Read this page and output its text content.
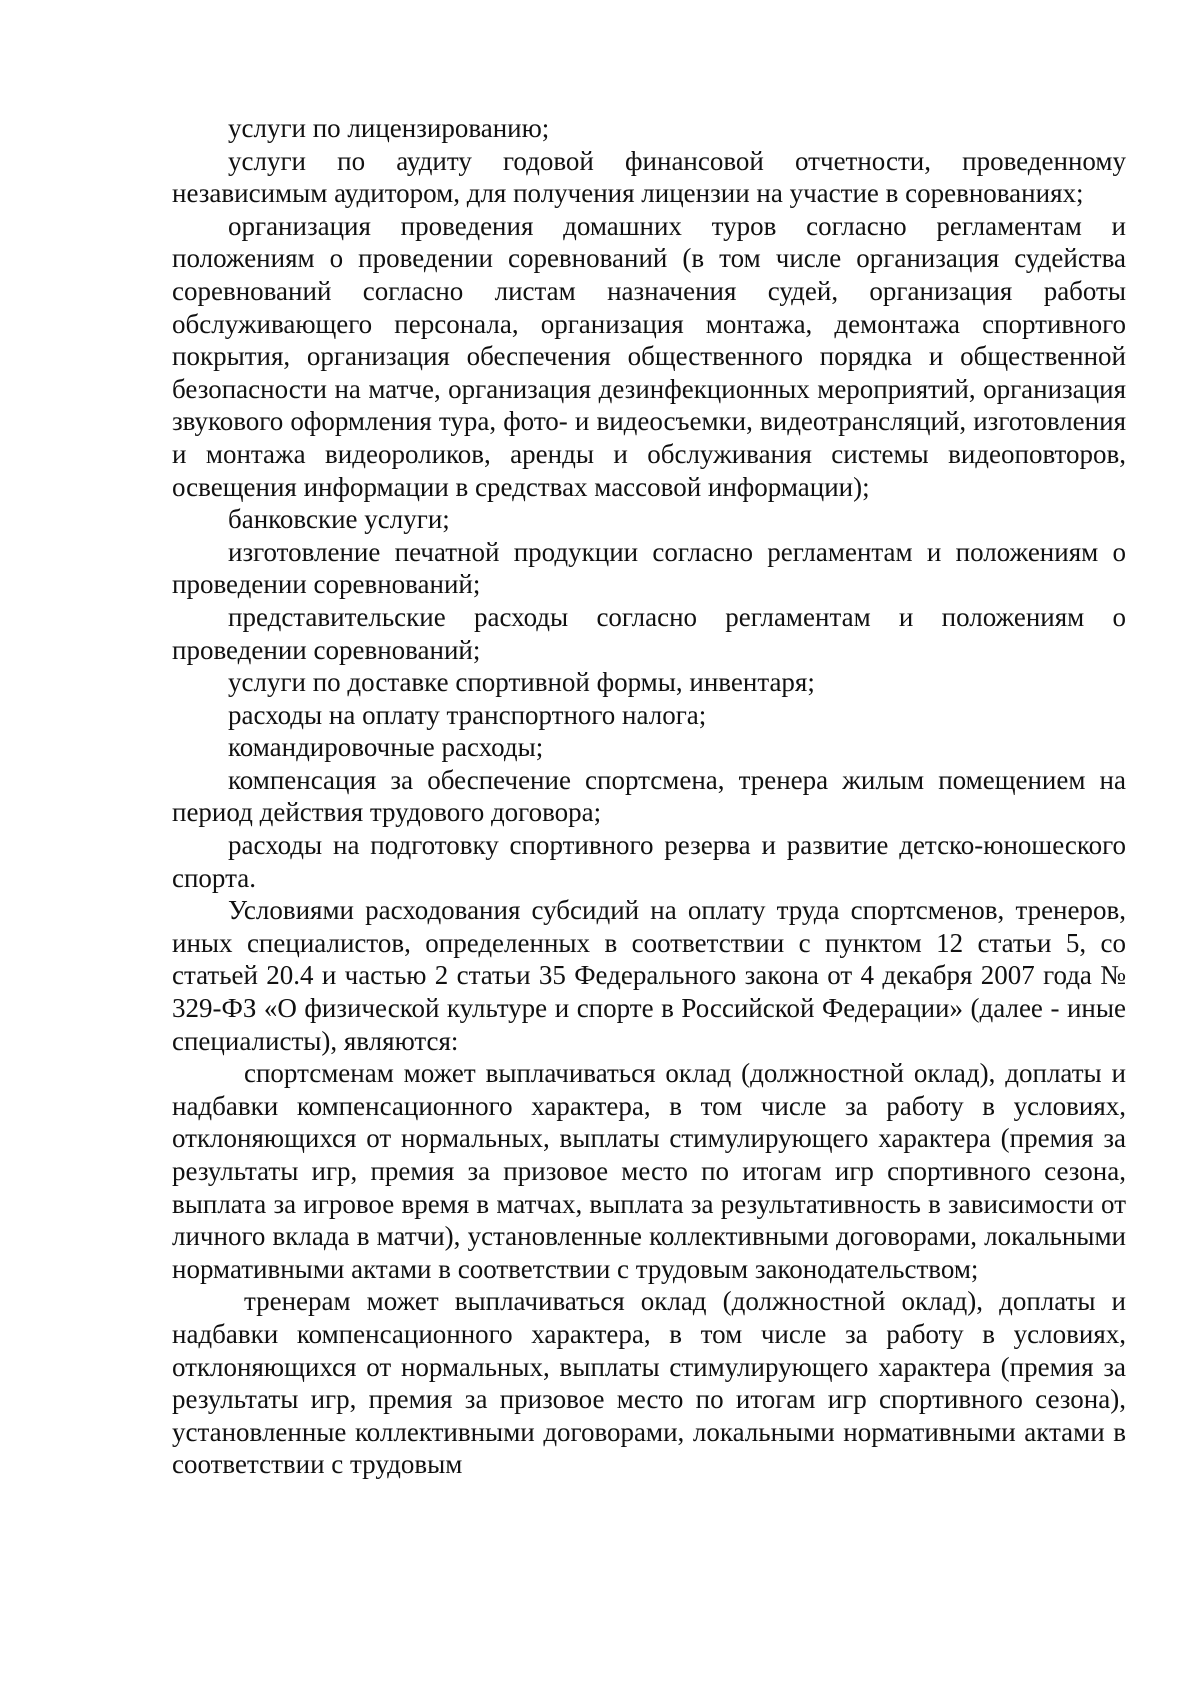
услуги по лицензированию;

услуги по аудиту годовой финансовой отчетности, проведенному независимым аудитором, для получения лицензии на участие в соревнованиях;

организация проведения домашних туров согласно регламентам и положениям о проведении соревнований (в том числе организация судейства соревнований согласно листам назначения судей, организация работы обслуживающего персонала, организация монтажа, демонтажа спортивного покрытия, организация обеспечения общественного порядка и общественной безопасности на матче, организация дезинфекционных мероприятий, организация звукового оформления тура, фото- и видеосъемки, видеотрансляций, изготовления и монтажа видеороликов, аренды и обслуживания системы видеоповторов, освещения информации в средствах массовой информации);

банковские услуги;

изготовление печатной продукции согласно регламентам и положениям о проведении соревнований;

представительские расходы согласно регламентам и положениям о проведении соревнований;

услуги по доставке спортивной формы, инвентаря;

расходы на оплату транспортного налога;

командировочные расходы;

компенсация за обеспечение спортсмена, тренера жилым помещением на период действия трудового договора;

расходы на подготовку спортивного резерва и развитие детско-юношеского спорта.

Условиями расходования субсидий на оплату труда спортсменов, тренеров, иных специалистов, определенных в соответствии с пунктом 12 статьи 5, со статьей 20.4 и частью 2 статьи 35 Федерального закона от 4 декабря 2007 года № 329-ФЗ «О физической культуре и спорте в Российской Федерации» (далее - иные специалисты), являются:

спортсменам может выплачиваться оклад (должностной оклад), доплаты и надбавки компенсационного характера, в том числе за работу в условиях, отклоняющихся от нормальных, выплаты стимулирующего характера (премия за результаты игр, премия за призовое место по итогам игр спортивного сезона, выплата за игровое время в матчах, выплата за результативность в зависимости от личного вклада в матчи), установленные коллективными договорами, локальными нормативными актами в соответствии с трудовым законодательством;

тренерам может выплачиваться оклад (должностной оклад), доплаты и надбавки компенсационного характера, в том числе за работу в условиях, отклоняющихся от нормальных, выплаты стимулирующего характера (премия за результаты игр, премия за призовое место по итогам игр спортивного сезона), установленные коллективными договорами, локальными нормативными актами в соответствии с трудовым
